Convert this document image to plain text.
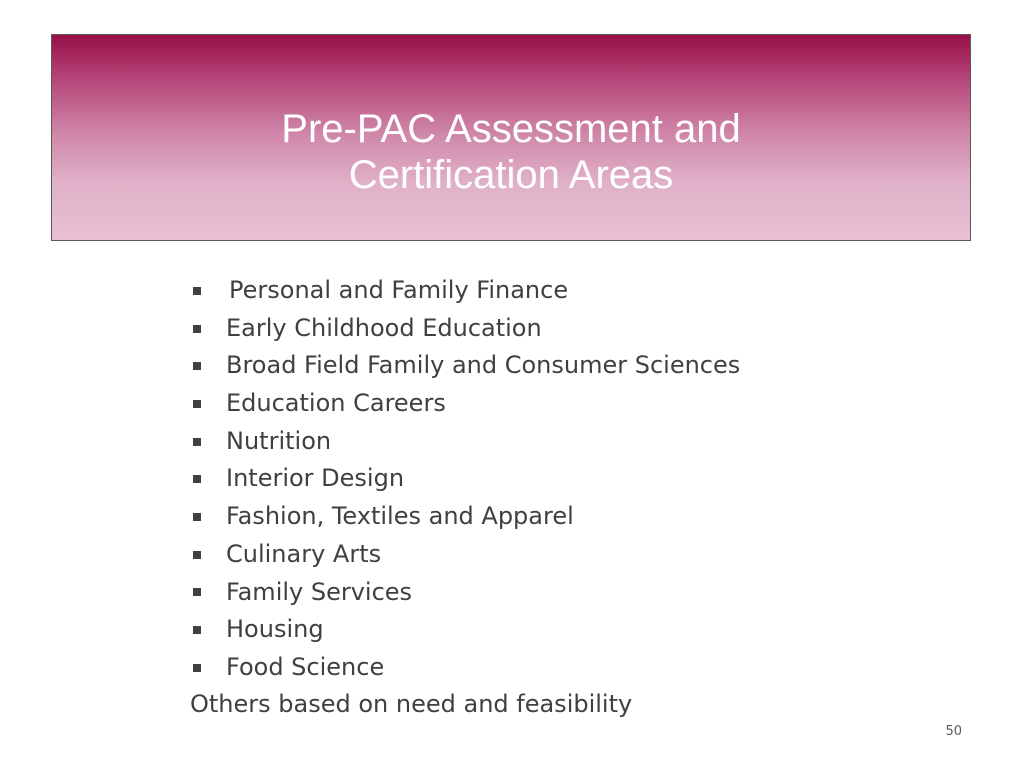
Pre-PAC Assessment and
Certification Areas
Personal and Family Finance
Early Childhood Education
Broad Field Family and Consumer Sciences
Education Careers
Nutrition
Interior Design
Fashion, Textiles and Apparel
Culinary Arts
Family Services
Housing
Food Science
Others based on need and feasibility
50
